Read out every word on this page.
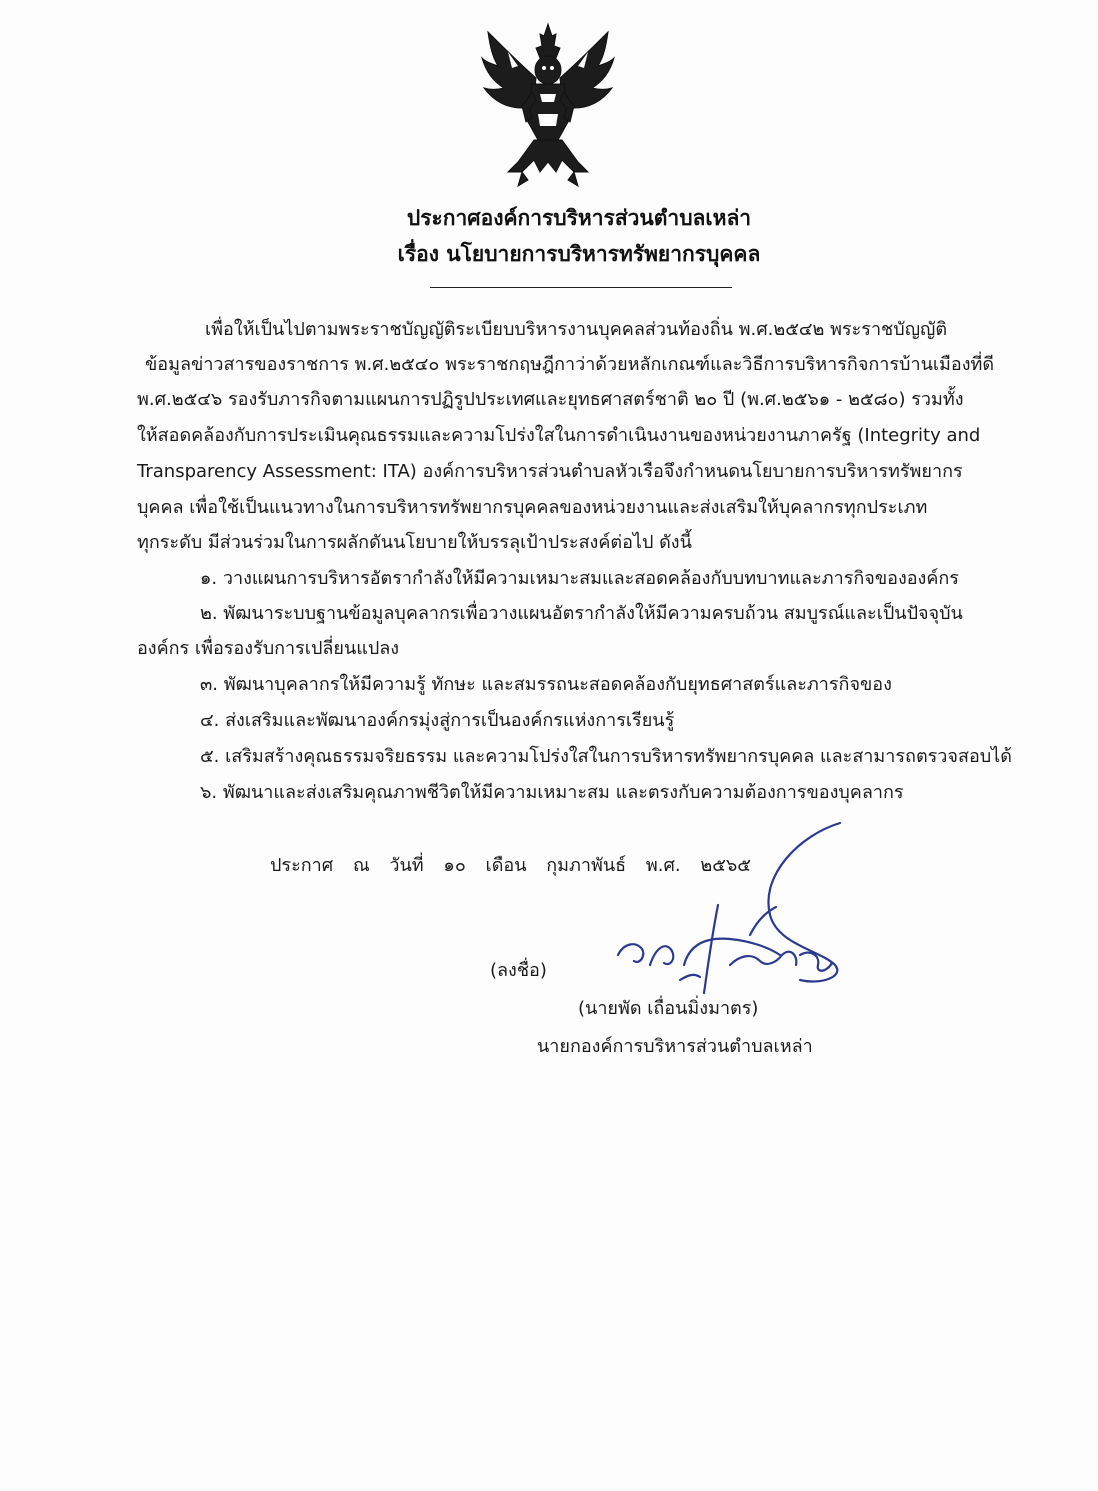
ประกาศองค์การบริหารส่วนตำบลเหล่า
เรื่อง นโยบายการบริหารทรัพยากรบุคคล
เพื่อให้เป็นไปตามพระราชบัญญัติระเบียบบริหารงานบุคคลส่วนท้องถิ่น พ.ศ.๒๕๔๒ พระราชบัญญัติ
ข้อมูลข่าวสารของราชการ พ.ศ.๒๕๔๐ พระราชกฤษฎีกาว่าด้วยหลักเกณฑ์และวิธีการบริหารกิจการบ้านเมืองที่ดี
พ.ศ.๒๕๔๖ รองรับภารกิจตามแผนการปฏิรูปประเทศและยุทธศาสตร์ชาติ ๒๐ ปี (พ.ศ.๒๕๖๑ - ๒๕๘๐) รวมทั้ง
ให้สอดคล้องกับการประเมินคุณธรรมและความโปร่งใสในการดำเนินงานของหน่วยงานภาครัฐ (Integrity and
Transparency Assessment: ITA) องค์การบริหารส่วนตำบลหัวเรือจึงกำหนดนโยบายการบริหารทรัพยากร
บุคคล เพื่อใช้เป็นแนวทางในการบริหารทรัพยากรบุคคลของหน่วยงานและส่งเสริมให้บุคลากรทุกประเภท
ทุกระดับ มีส่วนร่วมในการผลักดันนโยบายให้บรรลุเป้าประสงค์ต่อไป ดังนี้
๑. วางแผนการบริหารอัตรากำลังให้มีความเหมาะสมและสอดคล้องกับบทบาทและภารกิจขององค์กร
๒. พัฒนาระบบฐานข้อมูลบุคลากรเพื่อวางแผนอัตรากำลังให้มีความครบถ้วน สมบูรณ์และเป็นปัจจุบัน
องค์กร เพื่อรองรับการเปลี่ยนแปลง
๓. พัฒนาบุคลากรให้มีความรู้ ทักษะ และสมรรถนะสอดคล้องกับยุทธศาสตร์และภารกิจของ
๔. ส่งเสริมและพัฒนาองค์กรมุ่งสู่การเป็นองค์กรแห่งการเรียนรู้
๕. เสริมสร้างคุณธรรมจริยธรรม และความโปร่งใสในการบริหารทรัพยากรบุคคล และสามารถตรวจสอบได้
๖. พัฒนาและส่งเสริมคุณภาพชีวิตให้มีความเหมาะสม และตรงกับความต้องการของบุคลากร
ประกาศ ณ วันที่ ๑๐ เดือน กุมภาพันธ์ พ.ศ. ๒๕๖๕
(ลงชื่อ)
(นายพัด เถื่อนมิ่งมาตร)
นายกองค์การบริหารส่วนตำบลเหล่า
